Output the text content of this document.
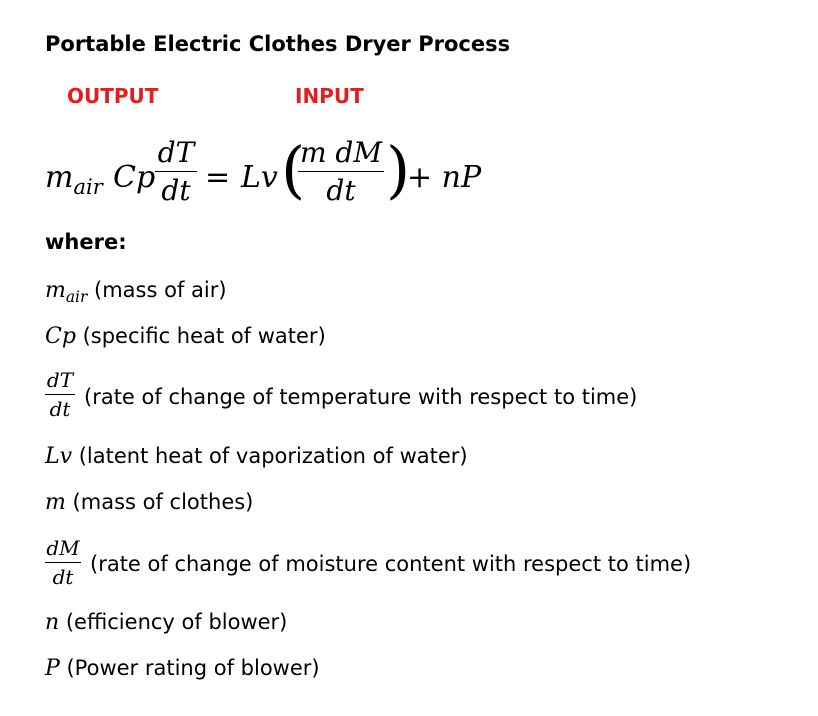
Portable Electric Clothes Dryer Process
OUTPUT	INPUT
$m_{air}$ Cp
dT
dt = Lv (
m dM
dt )
+ nP
where:
$m_{air}$ (mass of air)
Cp (specific heat of water)
dT
dt (rate of change of temperature with respect to time)
Lv (latent heat of vaporization of water)
m (mass of clothes)
dM
dt
(rate of change of moisture content with respect to time)
n (efficiency of blower)
P (Power rating of blower)
